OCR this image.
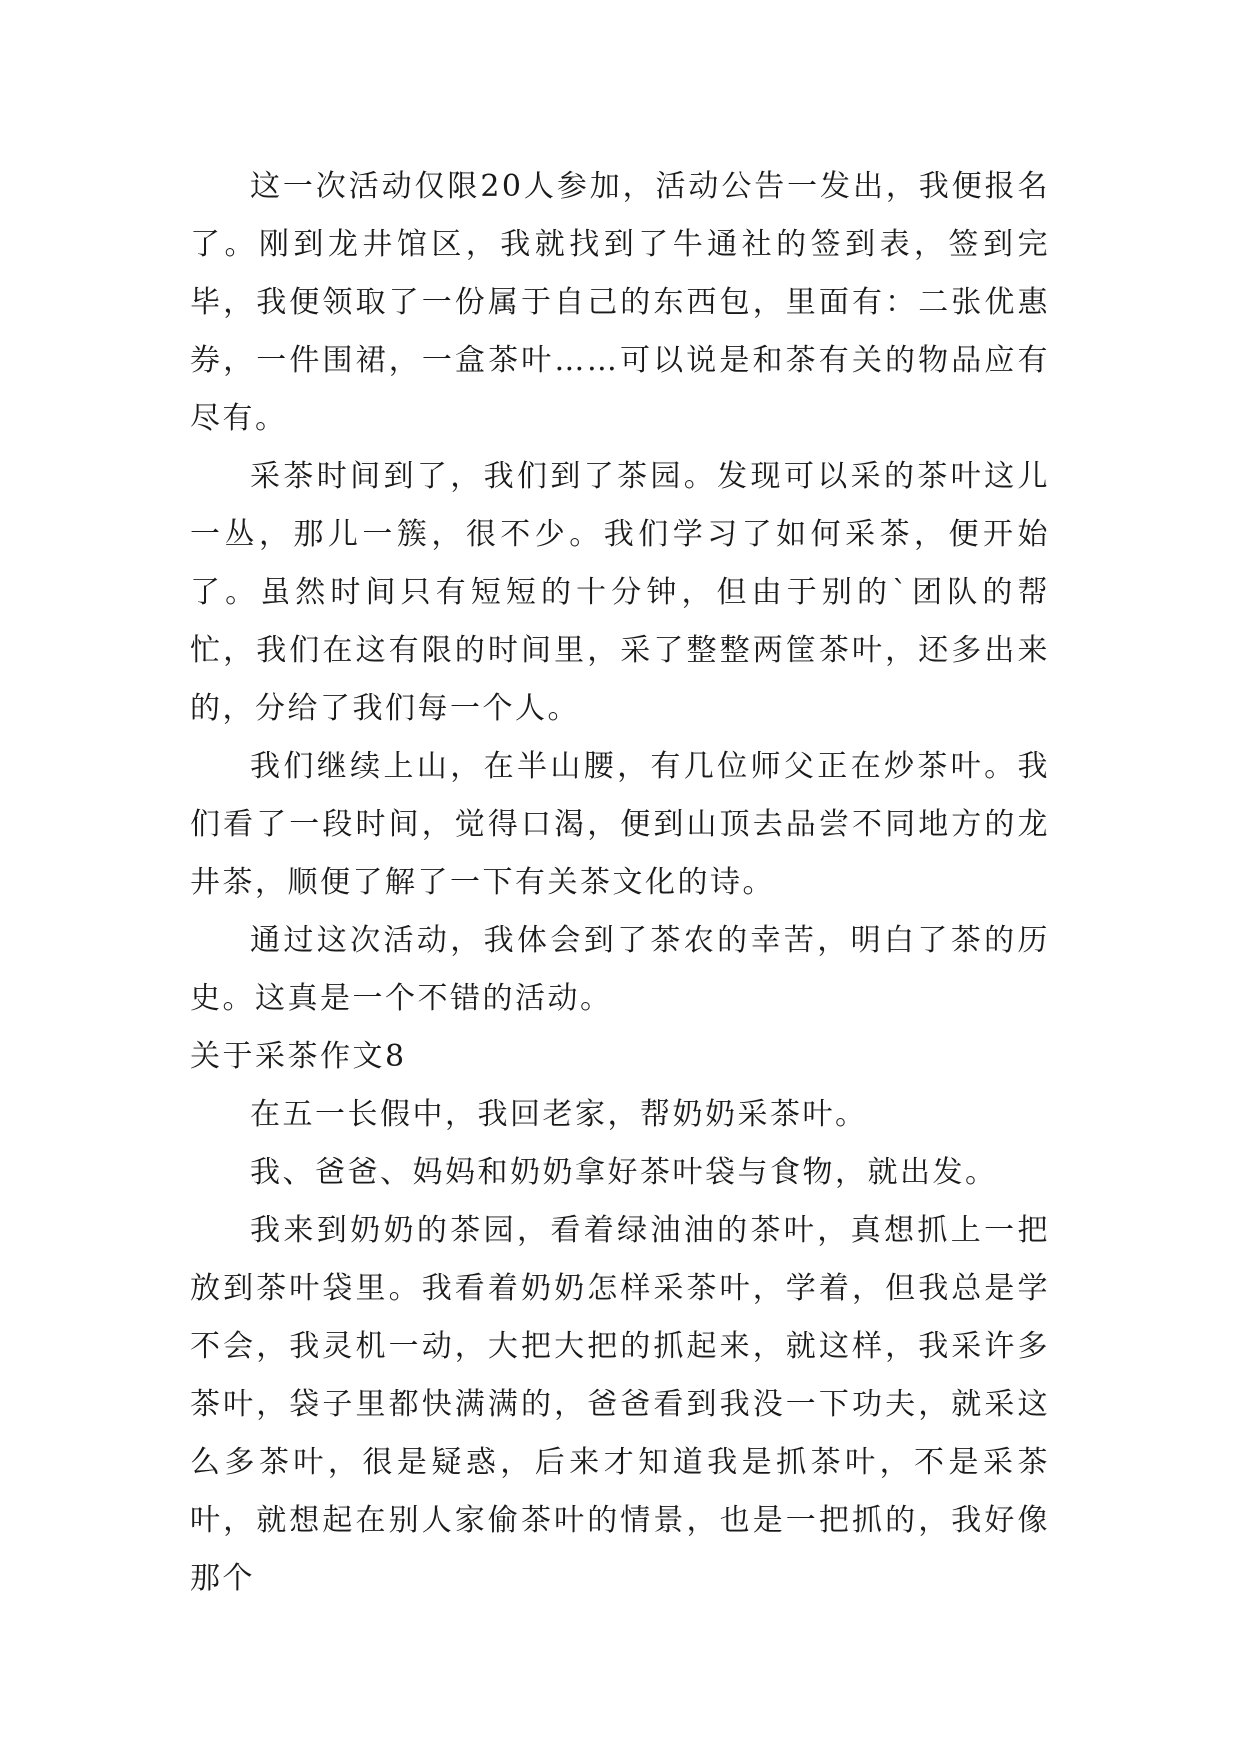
这一次活动仅限20人参加，活动公告一发出，我便报名了。刚到龙井馆区，我就找到了牛通社的签到表，签到完毕，我便领取了一份属于自己的东西包，里面有：二张优惠券，一件围裙，一盒茶叶……可以说是和茶有关的物品应有尽有。

采茶时间到了，我们到了茶园。发现可以采的茶叶这儿一丛，那儿一簇，很不少。我们学习了如何采茶，便开始了。虽然时间只有短短的十分钟，但由于别的`团队的帮忙，我们在这有限的时间里，采了整整两筐茶叶，还多出来的，分给了我们每一个人。

我们继续上山，在半山腰，有几位师父正在炒茶叶。我们看了一段时间，觉得口渴，便到山顶去品尝不同地方的龙井茶，顺便了解了一下有关茶文化的诗。

通过这次活动，我体会到了茶农的幸苦，明白了茶的历史。这真是一个不错的活动。

关于采茶作文8

在五一长假中，我回老家，帮奶奶采茶叶。

我、爸爸、妈妈和奶奶拿好茶叶袋与食物，就出发。

我来到奶奶的茶园，看着绿油油的茶叶，真想抓上一把放到茶叶袋里。我看着奶奶怎样采茶叶，学着，但我总是学不会，我灵机一动，大把大把的抓起来，就这样，我采许多茶叶，袋子里都快满满的，爸爸看到我没一下功夫，就采这么多茶叶，很是疑惑，后来才知道我是抓茶叶，不是采茶叶，就想起在别人家偷茶叶的情景，也是一把抓的，我好像那个
